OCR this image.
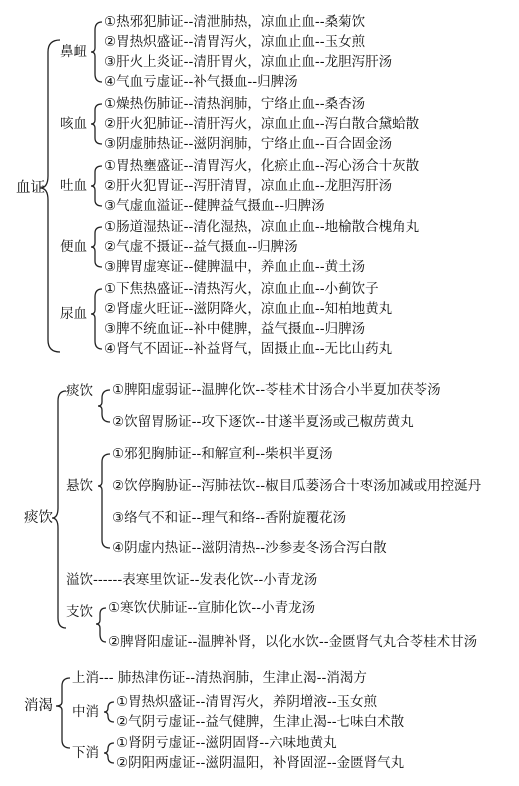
血证
鼻衄
①热邪犯肺证--清泄肺热，凉血止血--桑菊饮
②胃热炽盛证--清胃泻火，凉血止血--玉女煎
③肝火上炎证--清肝胃火，凉血止血--龙胆泻肝汤
④气血亏虚证--补气摄血--归脾汤
咳血
①燥热伤肺证--清热润肺，宁络止血--桑杏汤
②肝火犯肺证--清肝泻火，凉血止血--泻白散合黛蛤散
③阴虚肺热证--滋阴润肺，宁络止血--百合固金汤
吐血
①胃热壅盛证--清胃泻火，化瘀止血--泻心汤合十灰散
②肝火犯胃证--泻肝清胃，凉血止血--龙胆泻肝汤
③气虚血溢证--健脾益气摄血--归脾汤
便血
①肠道湿热证--清化湿热，凉血止血--地榆散合槐角丸
②气虚不摄证--益气摄血--归脾汤
③脾胃虚寒证--健脾温中，养血止血--黄土汤
尿血
①下焦热盛证--清热泻火，凉血止血--小蓟饮子
②肾虚火旺证--滋阴降火，凉血止血--知柏地黄丸
③脾不统血证--补中健脾，益气摄血--归脾汤
④肾气不固证--补益肾气，固摄止血--无比山药丸
痰饮
痰饮 ①脾阳虚弱证--温脾化饮--苓桂术甘汤合小半夏加茯苓汤
②饮留胃肠证--攻下逐饮--甘遂半夏汤或己椒苈黄丸
悬饮
①邪犯胸肺证--和解宣利--柴枳半夏汤
②饮停胸胁证--泻肺祛饮--椒目瓜蒌汤合十枣汤加减或用控涎丹
③络气不和证--理气和络--香附旋覆花汤
④阴虚内热证--滋阴清热--沙参麦冬汤合泻白散
溢饮------表寒里饮证--发表化饮--小青龙汤
支饮 ①寒饮伏肺证--宣肺化饮--小青龙汤
②脾肾阳虚证--温脾补肾，以化水饮--金匮肾气丸合苓桂术甘汤
消渴
上消--- 肺热津伤证--清热润肺，生津止渴--消渴方
中消
①胃热炽盛证--清胃泻火，养阴增液--玉女煎
②气阴亏虚证--益气健脾，生津止渴--七味白术散
下消
①肾阴亏虚证--滋阴固肾--六味地黄丸
②阴阳两虚证--滋阴温阳，补肾固涩--金匮肾气丸
